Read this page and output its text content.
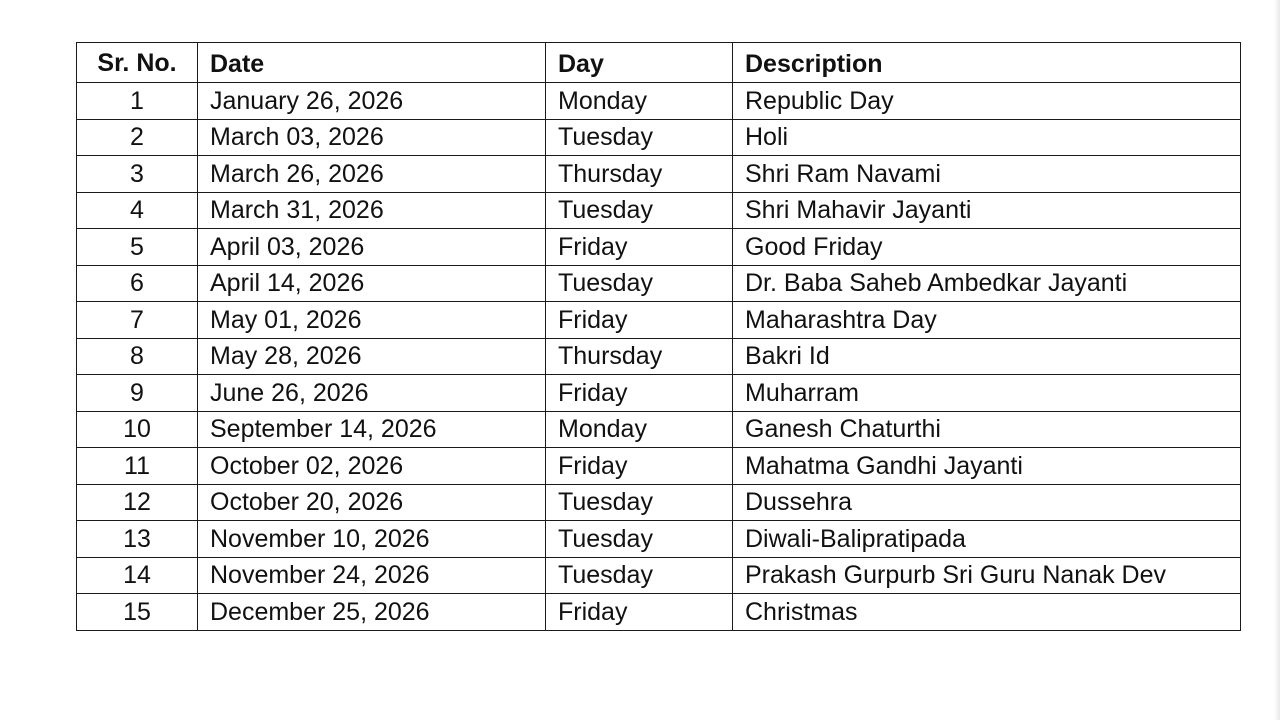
Sr. No.	Date	Day	Description
1	January 26, 2026	Monday	Republic Day
2	March 03, 2026	Tuesday	Holi
3	March 26, 2026	Thursday	Shri Ram Navami
4	March 31, 2026	Tuesday	Shri Mahavir Jayanti
5	April 03, 2026	Friday	Good Friday
6	April 14, 2026	Tuesday	Dr. Baba Saheb Ambedkar Jayanti
7	May 01, 2026	Friday	Maharashtra Day
8	May 28, 2026	Thursday	Bakri Id
9	June 26, 2026	Friday	Muharram
10	September 14, 2026	Monday	Ganesh Chaturthi
11	October 02, 2026	Friday	Mahatma Gandhi Jayanti
12	October 20, 2026	Tuesday	Dussehra
13	November 10, 2026	Tuesday	Diwali-Balipratipada
14	November 24, 2026	Tuesday	Prakash Gurpurb Sri Guru Nanak Dev
15	December 25, 2026	Friday	Christmas
